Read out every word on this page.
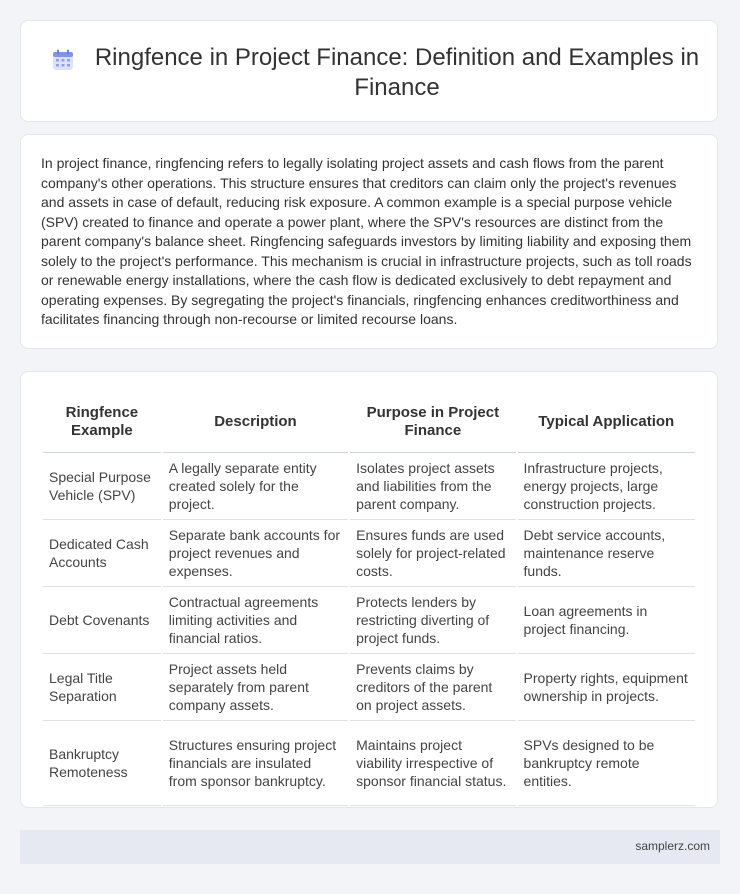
Ringfence in Project Finance: Definition and Examples in Finance

In project finance, ringfencing refers to legally isolating project assets and cash flows from the parent company's other operations. This structure ensures that creditors can claim only the project's revenues and assets in case of default, reducing risk exposure. A common example is a special purpose vehicle (SPV) created to finance and operate a power plant, where the SPV's resources are distinct from the parent company's balance sheet. Ringfencing safeguards investors by limiting liability and exposing them solely to the project's performance. This mechanism is crucial in infrastructure projects, such as toll roads or renewable energy installations, where the cash flow is dedicated exclusively to debt repayment and operating expenses. By segregating the project's financials, ringfencing enhances creditworthiness and facilitates financing through non-recourse or limited recourse loans.

Ringfence Example	Description	Purpose in Project Finance	Typical Application
Special Purpose Vehicle (SPV)	A legally separate entity created solely for the project.	Isolates project assets and liabilities from the parent company.	Infrastructure projects, energy projects, large construction projects.
Dedicated Cash Accounts	Separate bank accounts for project revenues and expenses.	Ensures funds are used solely for project-related costs.	Debt service accounts, maintenance reserve funds.
Debt Covenants	Contractual agreements limiting activities and financial ratios.	Protects lenders by restricting diverting of project funds.	Loan agreements in project financing.
Legal Title Separation	Project assets held separately from parent company assets.	Prevents claims by creditors of the parent on project assets.	Property rights, equipment ownership in projects.
Bankruptcy Remoteness	Structures ensuring project financials are insulated from sponsor bankruptcy.	Maintains project viability irrespective of sponsor financial status.	SPVs designed to be bankruptcy remote entities.
samplerz.com
